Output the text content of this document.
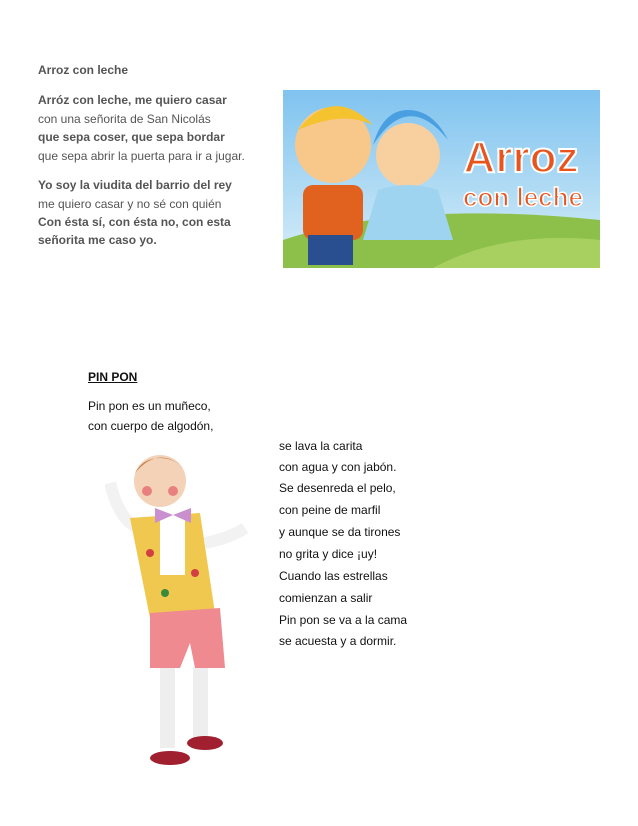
Arroz con leche
Arróz con leche, me quiero casar
con una señorita de San Nicolás
que sepa coser, que sepa bordar
que sepa abrir la puerta para ir a jugar.
Yo soy la viudita del barrio del rey
me quiero casar y no sé con quién
Con ésta sí, con ésta no, con esta
señorita me caso yo.
Arroz
con leche
PIN PON
Pin pon es un muñeco,
con cuerpo de algodón,
se lava la carita
con agua y con jabón.
Se desenreda el pelo,
con peine de marfil
y aunque se da tirones
no grita y dice ¡uy!
Cuando las estrellas
comienzan a salir
Pin pon se va a la cama
se acuesta y a dormir.
